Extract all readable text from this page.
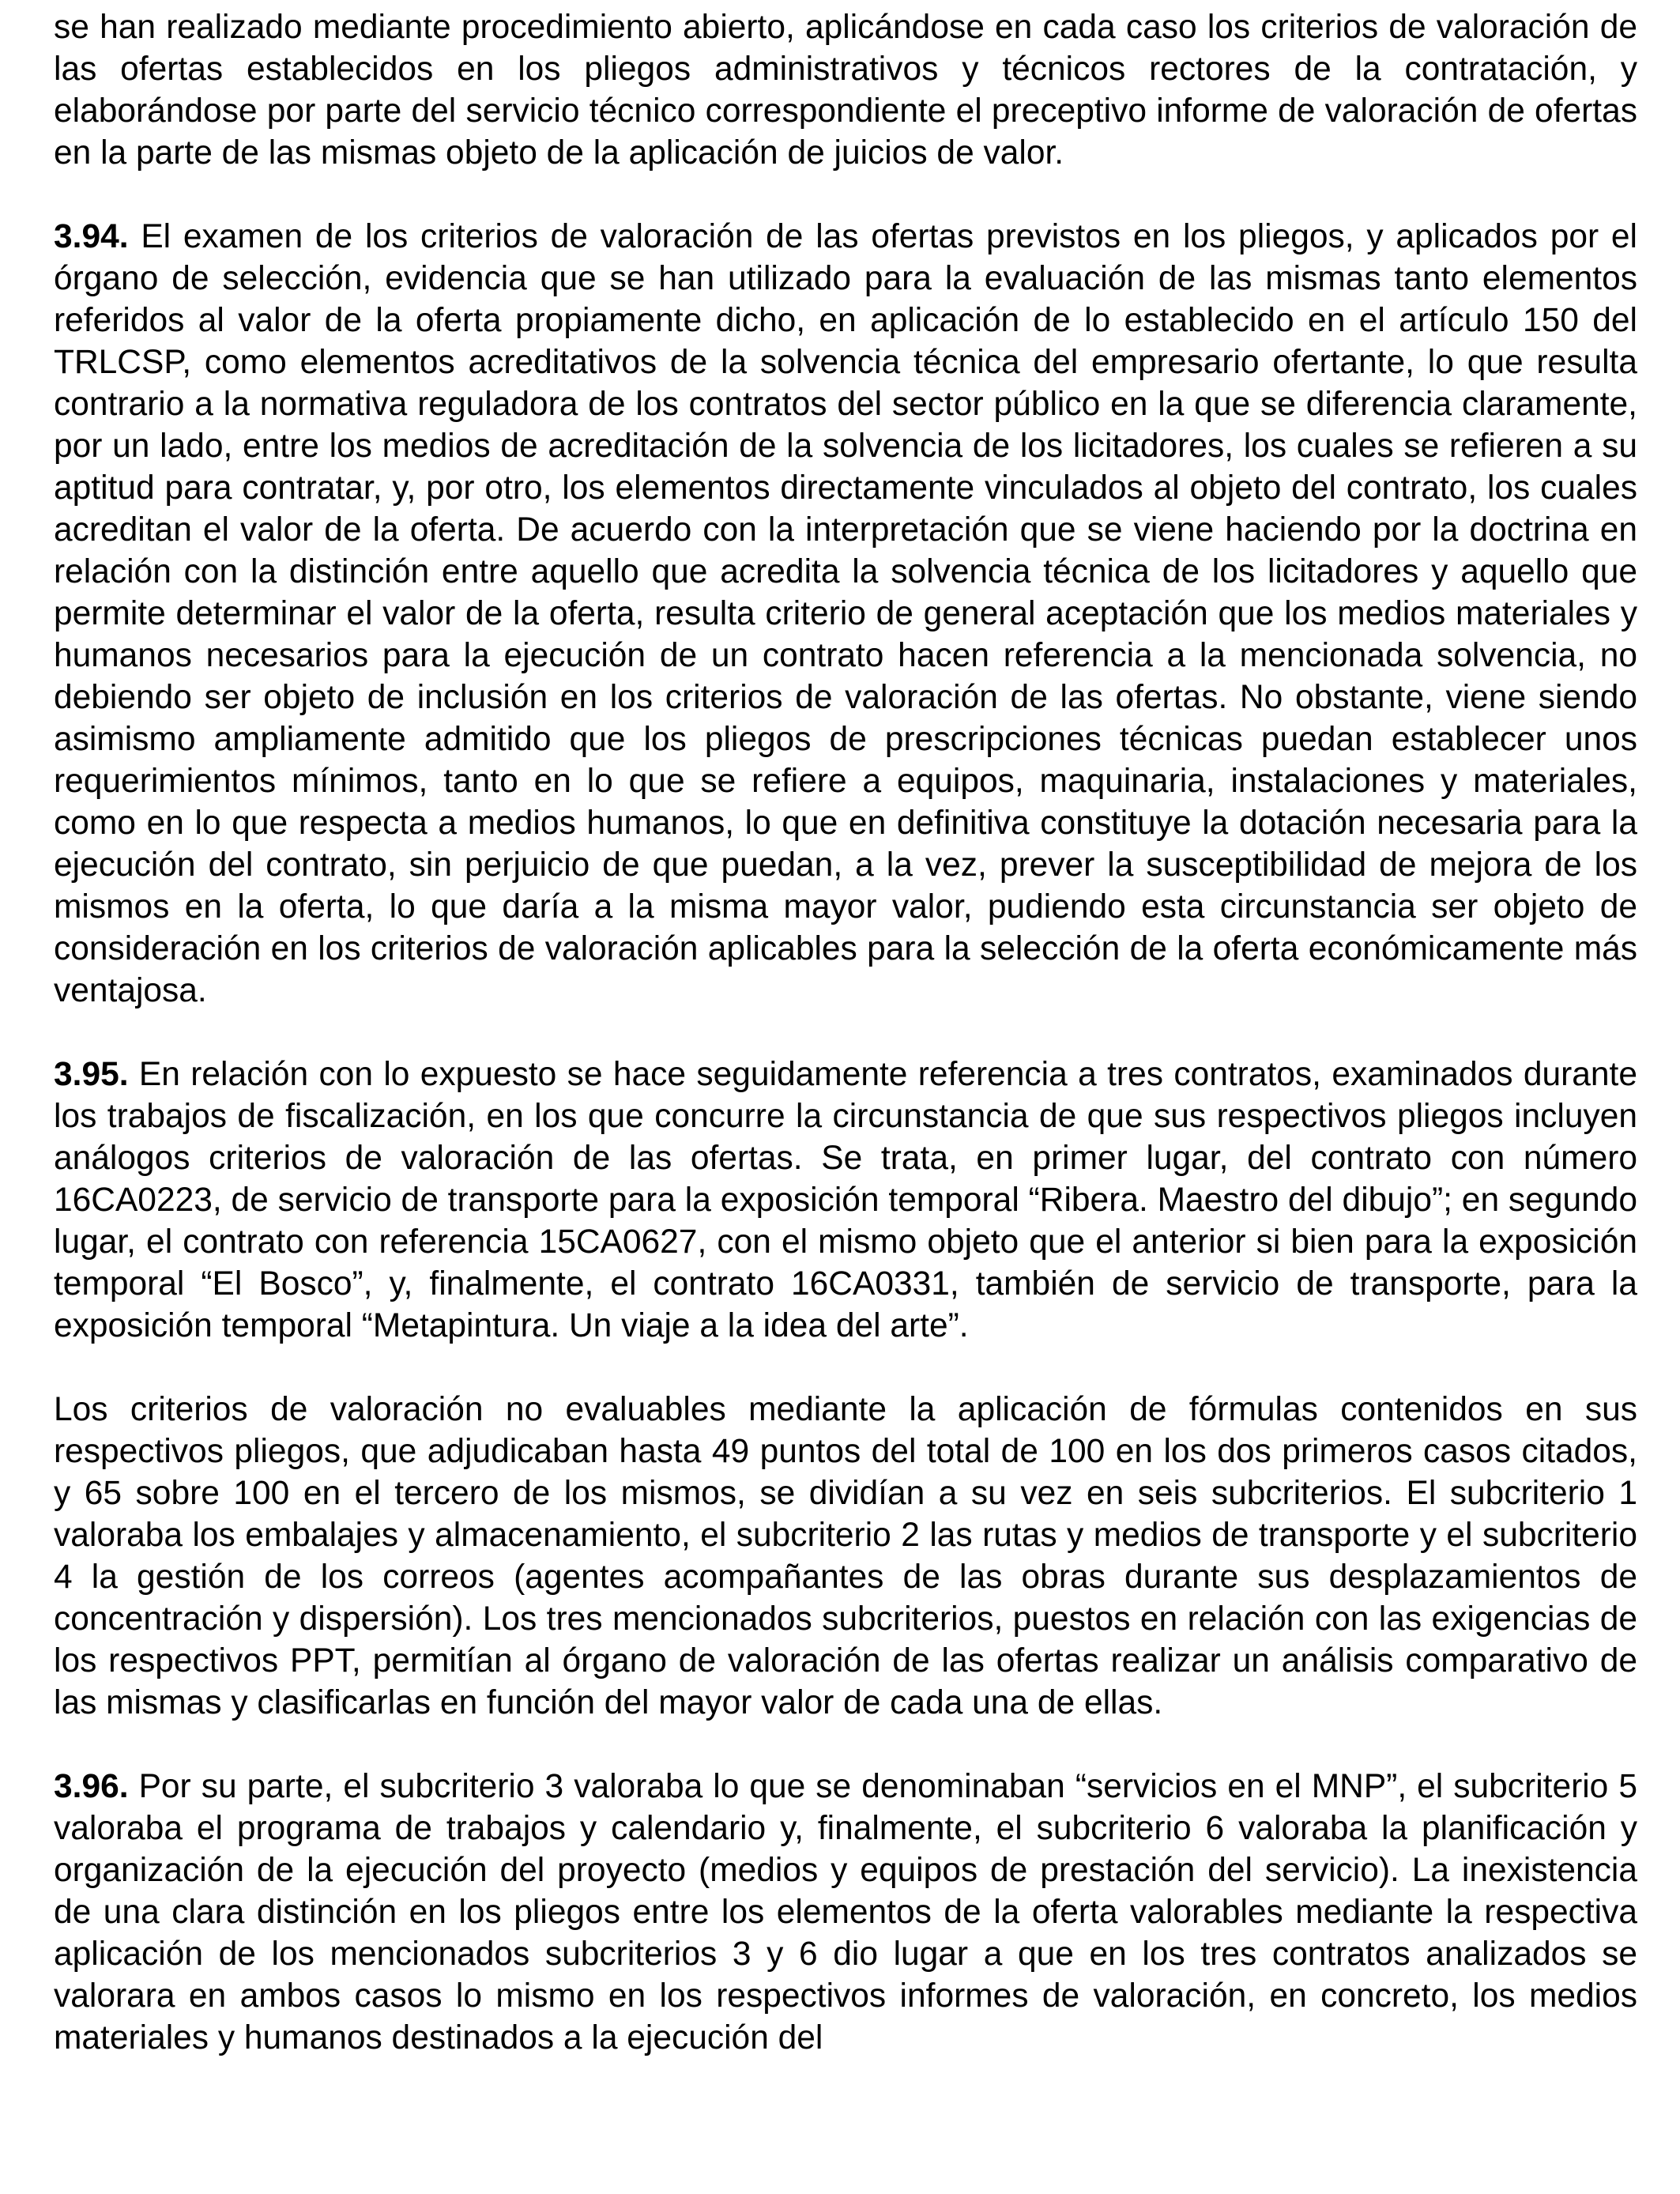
se han realizado mediante procedimiento abierto, aplicándose en cada caso los criterios de valoración de las ofertas establecidos en los pliegos administrativos y técnicos rectores de la contratación, y elaborándose por parte del servicio técnico correspondiente el preceptivo informe de valoración de ofertas en la parte de las mismas objeto de la aplicación de juicios de valor.

3.94. El examen de los criterios de valoración de las ofertas previstos en los pliegos, y aplicados por el órgano de selección, evidencia que se han utilizado para la evaluación de las mismas tanto elementos referidos al valor de la oferta propiamente dicho, en aplicación de lo establecido en el artículo 150 del TRLCSP, como elementos acreditativos de la solvencia técnica del empresario ofertante, lo que resulta contrario a la normativa reguladora de los contratos del sector público en la que se diferencia claramente, por un lado, entre los medios de acreditación de la solvencia de los licitadores, los cuales se refieren a su aptitud para contratar, y, por otro, los elementos directamente vinculados al objeto del contrato, los cuales acreditan el valor de la oferta. De acuerdo con la interpretación que se viene haciendo por la doctrina en relación con la distinción entre aquello que acredita la solvencia técnica de los licitadores y aquello que permite determinar el valor de la oferta, resulta criterio de general aceptación que los medios materiales y humanos necesarios para la ejecución de un contrato hacen referencia a la mencionada solvencia, no debiendo ser objeto de inclusión en los criterios de valoración de las ofertas. No obstante, viene siendo asimismo ampliamente admitido que los pliegos de prescripciones técnicas puedan establecer unos requerimientos mínimos, tanto en lo que se refiere a equipos, maquinaria, instalaciones y materiales, como en lo que respecta a medios humanos, lo que en definitiva constituye la dotación necesaria para la ejecución del contrato, sin perjuicio de que puedan, a la vez, prever la susceptibilidad de mejora de los mismos en la oferta, lo que daría a la misma mayor valor, pudiendo esta circunstancia ser objeto de consideración en los criterios de valoración aplicables para la selección de la oferta económicamente más ventajosa.

3.95. En relación con lo expuesto se hace seguidamente referencia a tres contratos, examinados durante los trabajos de fiscalización, en los que concurre la circunstancia de que sus respectivos pliegos incluyen análogos criterios de valoración de las ofertas. Se trata, en primer lugar, del contrato con número 16CA0223, de servicio de transporte para la exposición temporal “Ribera. Maestro del dibujo”; en segundo lugar, el contrato con referencia 15CA0627, con el mismo objeto que el anterior si bien para la exposición temporal “El Bosco”, y, finalmente, el contrato 16CA0331, también de servicio de transporte, para la exposición temporal “Metapintura. Un viaje a la idea del arte”.

Los criterios de valoración no evaluables mediante la aplicación de fórmulas contenidos en sus respectivos pliegos, que adjudicaban hasta 49 puntos del total de 100 en los dos primeros casos citados, y 65 sobre 100 en el tercero de los mismos, se dividían a su vez en seis subcriterios. El subcriterio 1 valoraba los embalajes y almacenamiento, el subcriterio 2 las rutas y medios de transporte y el subcriterio 4 la gestión de los correos (agentes acompañantes de las obras durante sus desplazamientos de concentración y dispersión). Los tres mencionados subcriterios, puestos en relación con las exigencias de los respectivos PPT, permitían al órgano de valoración de las ofertas realizar un análisis comparativo de las mismas y clasificarlas en función del mayor valor de cada una de ellas.

3.96. Por su parte, el subcriterio 3 valoraba lo que se denominaban “servicios en el MNP”, el subcriterio 5 valoraba el programa de trabajos y calendario y, finalmente, el subcriterio 6 valoraba la planificación y organización de la ejecución del proyecto (medios y equipos de prestación del servicio). La inexistencia de una clara distinción en los pliegos entre los elementos de la oferta valorables mediante la respectiva aplicación de los mencionados subcriterios 3 y 6 dio lugar a que en los tres contratos analizados se valorara en ambos casos lo mismo en los respectivos informes de valoración, en concreto, los medios materiales y humanos destinados a la ejecución del
